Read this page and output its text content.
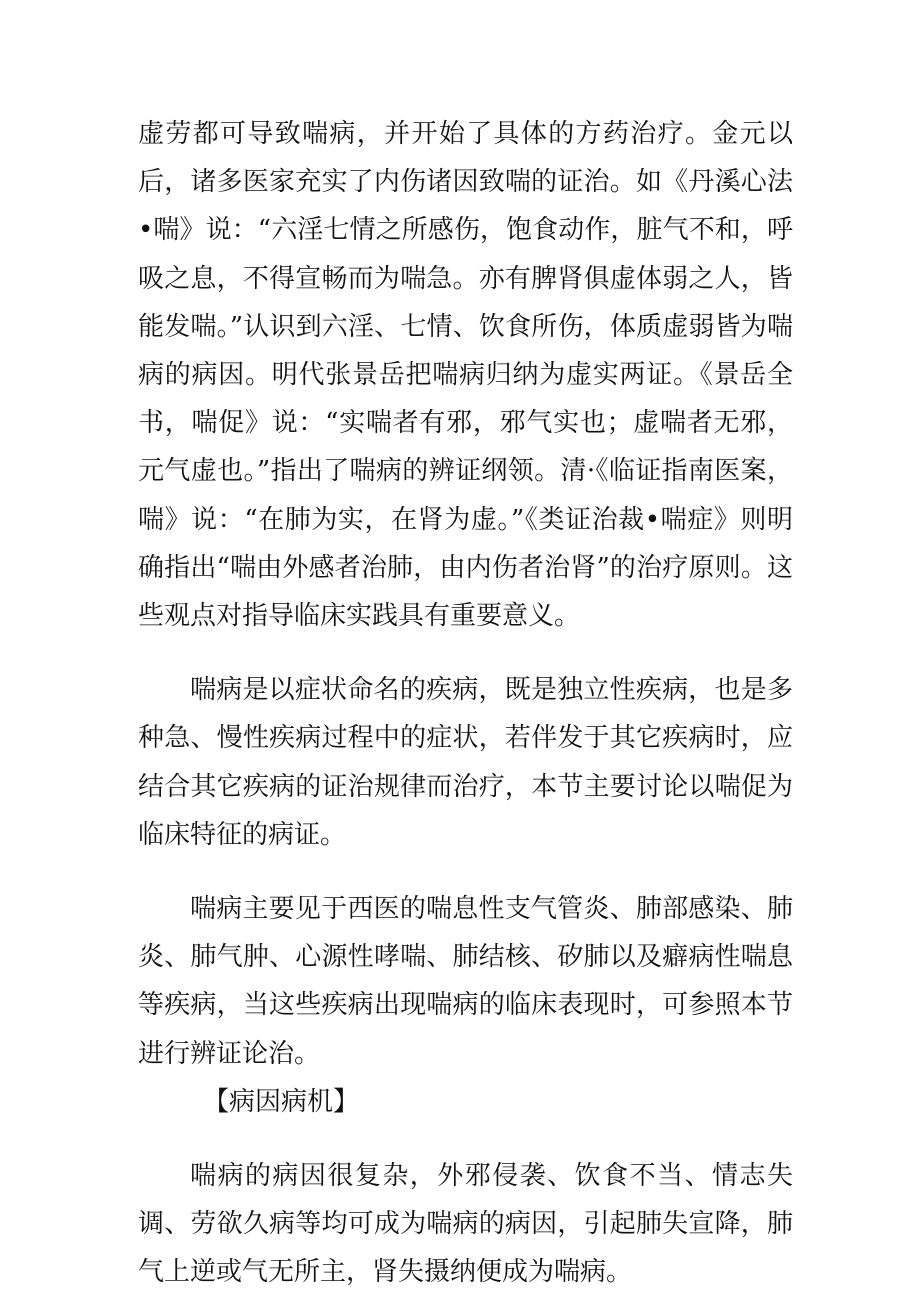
虚劳都可导致喘病，并开始了具体的方药治疗。金元以后，诸多医家充实了内伤诸因致喘的证治。如《丹溪心法•喘》说：“六淫七情之所感伤，饱食动作，脏气不和，呼吸之息，不得宣畅而为喘急。亦有脾肾俱虚体弱之人，皆能发喘。”认识到六淫、七情、饮食所伤，体质虚弱皆为喘病的病因。明代张景岳把喘病归纳为虚实两证。《景岳全书，喘促》说：“实喘者有邪，邪气实也；虚喘者无邪，元气虚也。”指出了喘病的辨证纲领。清·《临证指南医案，喘》说：“在肺为实，在肾为虚。”《类证治裁•喘症》则明确指出“喘由外感者治肺，由内伤者治肾”的治疗原则。这些观点对指导临床实践具有重要意义。

喘病是以症状命名的疾病，既是独立性疾病，也是多种急、慢性疾病过程中的症状，若伴发于其它疾病时，应结合其它疾病的证治规律而治疗，本节主要讨论以喘促为临床特征的病证。

喘病主要见于西医的喘息性支气管炎、肺部感染、肺炎、肺气肿、心源性哮喘、肺结核、矽肺以及癖病性喘息等疾病，当这些疾病出现喘病的临床表现时，可参照本节进行辨证论治。

【病因病机】

喘病的病因很复杂，外邪侵袭、饮食不当、情志失调、劳欲久病等均可成为喘病的病因，引起肺失宣降，肺气上逆或气无所主，肾失摄纳便成为喘病。
